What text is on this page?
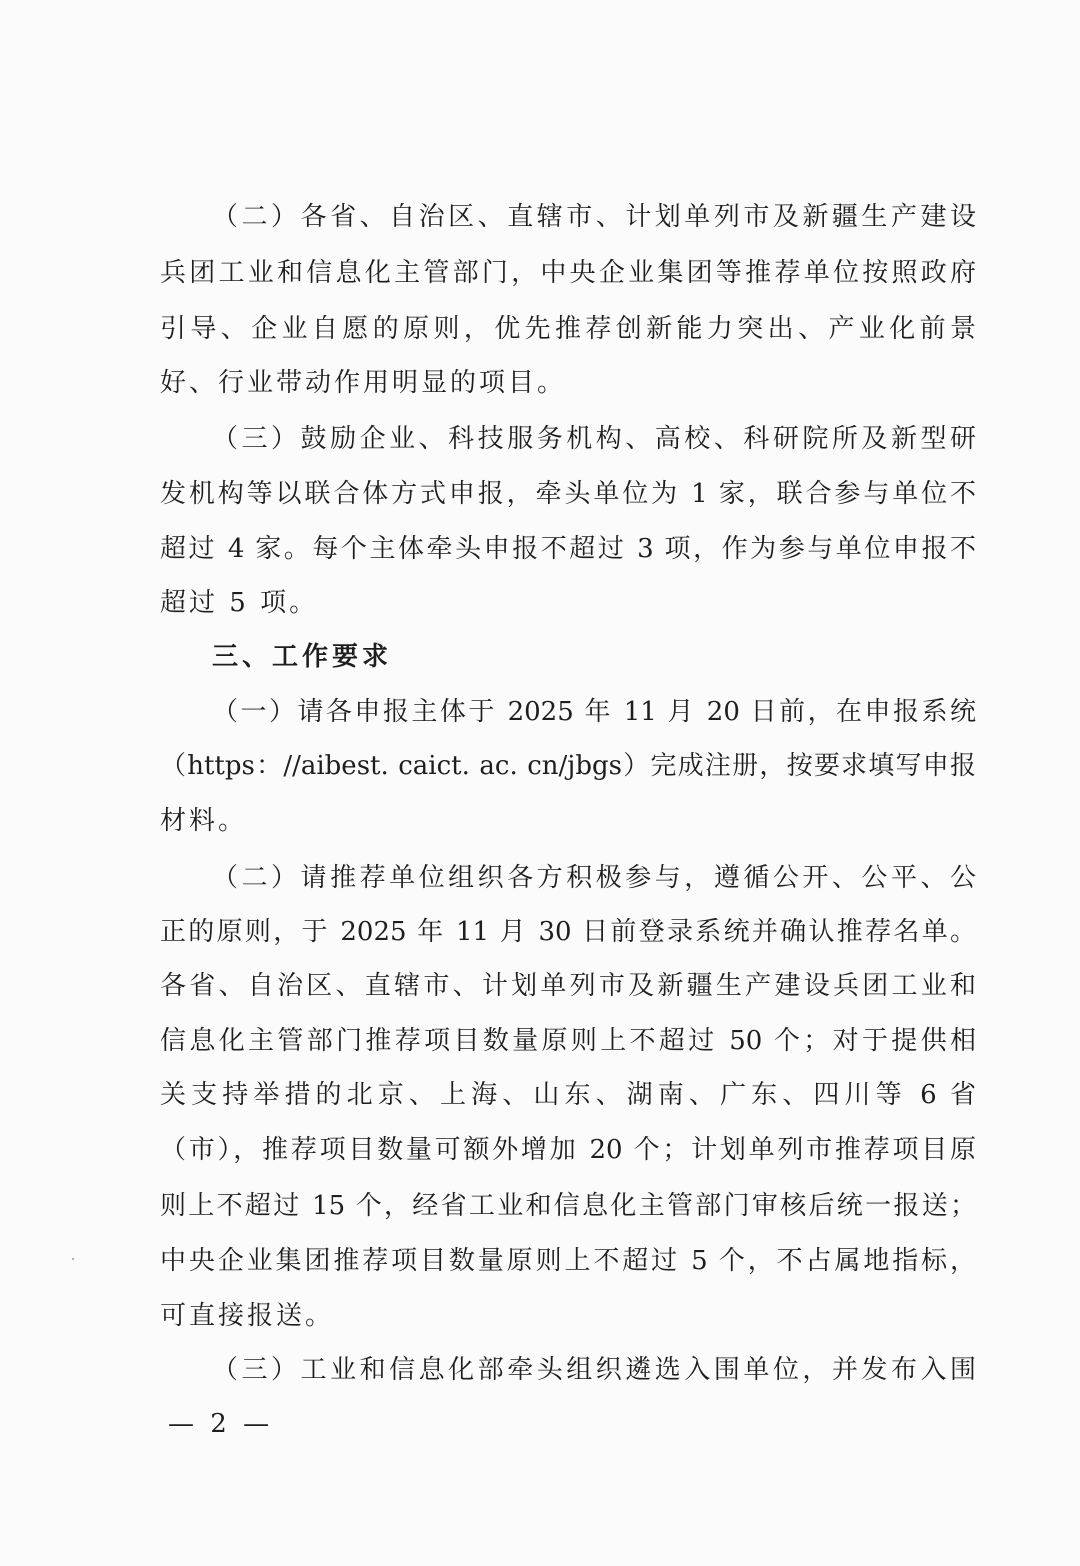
（二）各省、自治区、直辖市、计划单列市及新疆生产建设
兵团工业和信息化主管部门，中央企业集团等推荐单位按照政府
引导、企业自愿的原则，优先推荐创新能力突出、产业化前景
好、行业带动作用明显的项目。
（三）鼓励企业、科技服务机构、高校、科研院所及新型研
发机构等以联合体方式申报，牵头单位为 1 家，联合参与单位不
超过 4 家。每个主体牵头申报不超过 3 项，作为参与单位申报不
超过 5 项。
三、工作要求
（一）请各申报主体于 2025 年 11 月 20 日前，在申报系统
（https：//aibest. caict. ac. cn/jbgs）完成注册，按要求填写申报
材料。
（二）请推荐单位组织各方积极参与，遵循公开、公平、公
正的原则，于 2025 年 11 月 30 日前登录系统并确认推荐名单。
各省、自治区、直辖市、计划单列市及新疆生产建设兵团工业和
信息化主管部门推荐项目数量原则上不超过 50 个；对于提供相
关支持举措的北京、上海、山东、湖南、广东、四川等 6 省
（市），推荐项目数量可额外增加 20 个；计划单列市推荐项目原
则上不超过 15 个，经省工业和信息化主管部门审核后统一报送；
中央企业集团推荐项目数量原则上不超过 5 个，不占属地指标，
可直接报送。
（三）工业和信息化部牵头组织遴选入围单位，并发布入围
— 2 —
